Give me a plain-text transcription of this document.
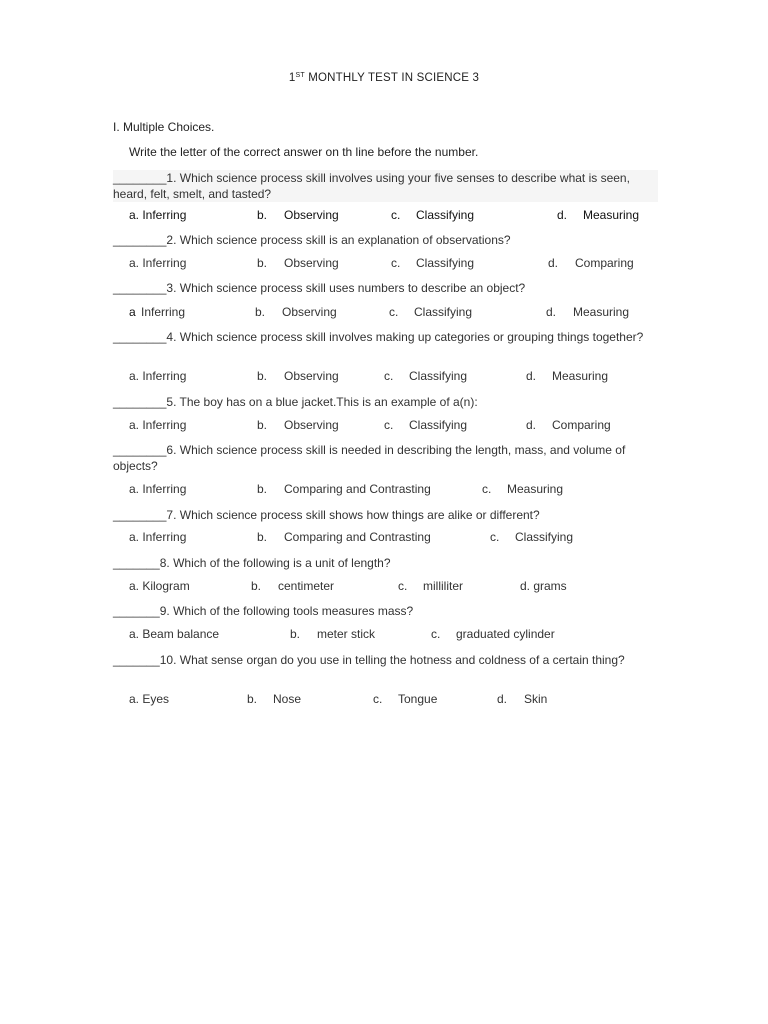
1ST MONTHLY TEST IN SCIENCE 3
I. Multiple Choices.
Write the letter of the correct answer on th line before the number.
________1. Which science process skill involves using your five senses to describe what is seen, heard, felt, smelt, and tasted?
a. Inferring	b. Observing	c. Classifying	d. Measuring
________2. Which science process skill is an explanation of observations?
a. Inferring	b. Observing	c. Classifying	d. Comparing
________3. Which science process skill uses numbers to describe an object?
a Inferring	b. Observing	c. Classifying	d. Measuring
________4. Which science process skill involves making up categories or grouping things together?
a. Inferring	b. Observing	c. Classifying	d. Measuring
________5. The boy has on a blue jacket.This is an example of a(n):
a. Inferring	b. Observing	c. Classifying	d. Comparing
________6. Which science process skill is needed in describing the length, mass, and volume of objects?
a. Inferring	b. Comparing and Contrasting	c. Measuring
________7. Which science process skill shows how things are alike or different?
a. Inferring	b. Comparing and Contrasting	c. Classifying
_______8. Which of the following is a unit of length?
a. Kilogram	b. centimeter	c. milliliter	d. grams
_______9. Which of the following tools measures mass?
a. Beam balance	b. meter stick	c. graduated cylinder
_______10. What sense organ do you use in telling the hotness and coldness of a certain thing?
a. Eyes	b. Nose	c. Tongue	d. Skin
